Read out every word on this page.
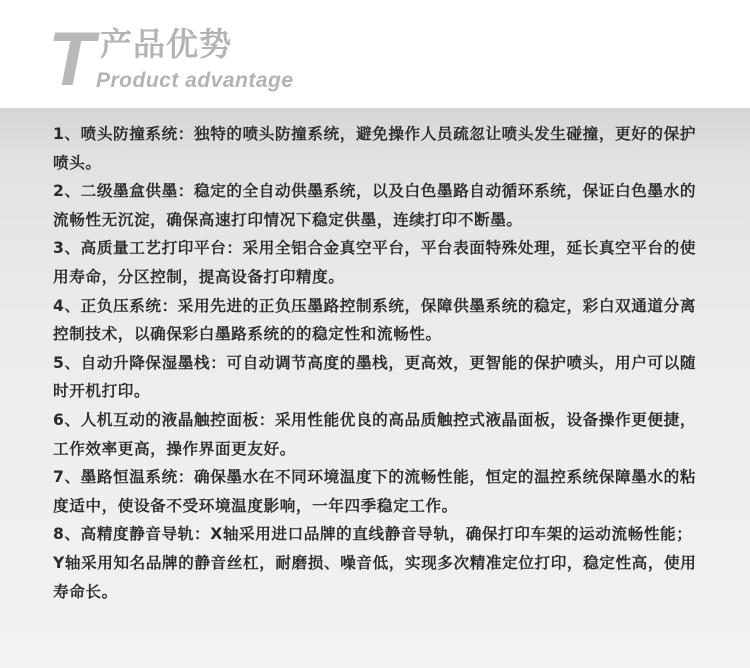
T 产品优势
Product advantage

1、喷头防撞系统：独特的喷头防撞系统，避免操作人员疏忽让喷头发生碰撞，更好的保护喷头。

2、二级墨盒供墨：稳定的全自动供墨系统，以及白色墨路自动循环系统，保证白色墨水的流畅性无沉淀，确保高速打印情况下稳定供墨，连续打印不断墨。

3、高质量工艺打印平台：采用全铝合金真空平台，平台表面特殊处理，延长真空平台的使用寿命，分区控制，提高设备打印精度。

4、正负压系统：采用先进的正负压墨路控制系统，保障供墨系统的稳定，彩白双通道分离控制技术，以确保彩白墨路系统的的稳定性和流畅性。

5、自动升降保湿墨栈：可自动调节高度的墨栈，更高效，更智能的保护喷头，用户可以随时开机打印。

6、人机互动的液晶触控面板：采用性能优良的高品质触控式液晶面板，设备操作更便捷，工作效率更高，操作界面更友好。

7、墨路恒温系统：确保墨水在不同环境温度下的流畅性能，恒定的温控系统保障墨水的粘度适中，使设备不受环境温度影响，一年四季稳定工作。

8、高精度静音导轨：X轴采用进口品牌的直线静音导轨，确保打印车架的运动流畅性能；Y轴采用知名品牌的静音丝杠，耐磨损、噪音低，实现多次精准定位打印，稳定性高，使用寿命长。
